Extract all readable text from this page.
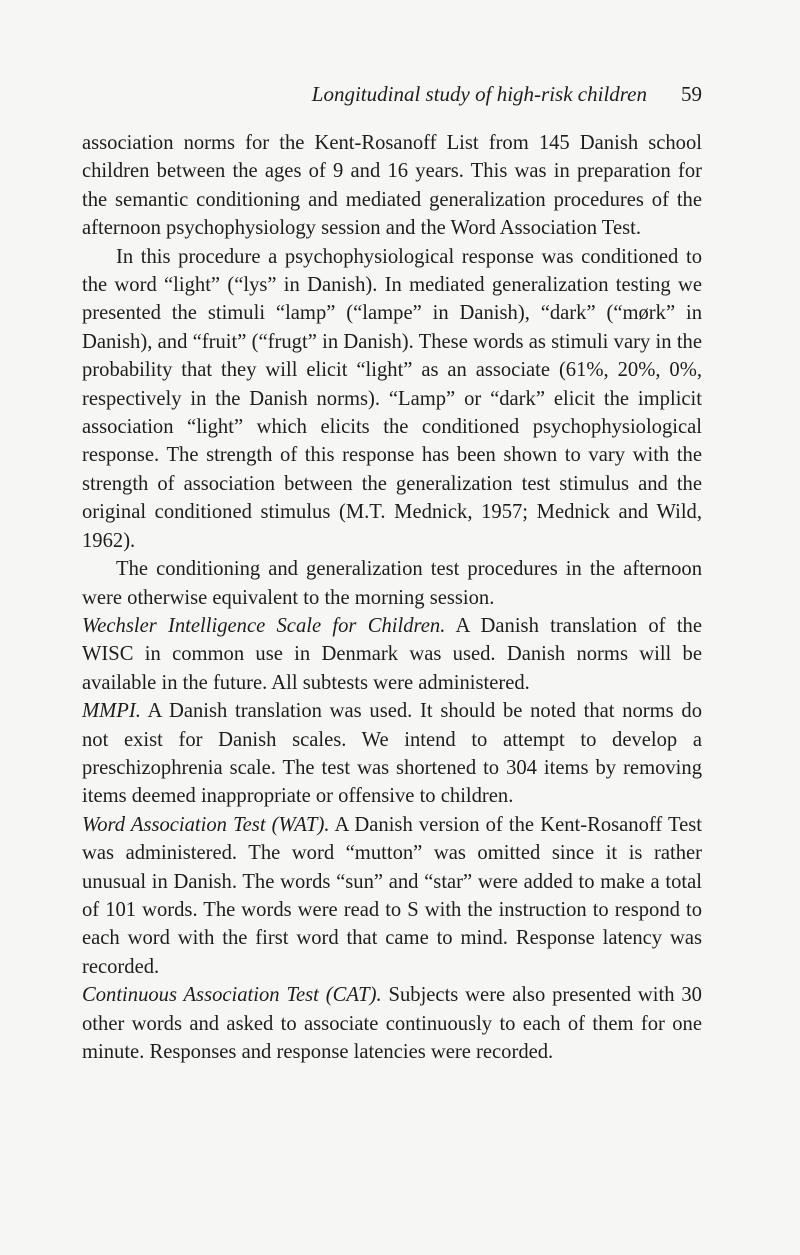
Longitudinal study of high-risk children 59

association norms for the Kent-Rosanoff List from 145 Danish school children between the ages of 9 and 16 years. This was in preparation for the semantic conditioning and mediated generalization procedures of the afternoon psychophysiology session and the Word Association Test.

In this procedure a psychophysiological response was conditioned to the word “light” (“lys” in Danish). In mediated generalization testing we presented the stimuli “lamp” (“lampe” in Danish), “dark” (“mørk” in Danish), and “fruit” (“frugt” in Danish). These words as stimuli vary in the probability that they will elicit “light” as an associate (61%, 20%, 0%, respectively in the Danish norms). “Lamp” or “dark” elicit the implicit association “light” which elicits the conditioned psychophysiological response. The strength of this response has been shown to vary with the strength of association between the generalization test stimulus and the original conditioned stimulus (M.T. Mednick, 1957; Mednick and Wild, 1962).

The conditioning and generalization test procedures in the afternoon were otherwise equivalent to the morning session.

Wechsler Intelligence Scale for Children. A Danish translation of the WISC in common use in Denmark was used. Danish norms will be available in the future. All subtests were administered.

MMPI. A Danish translation was used. It should be noted that norms do not exist for Danish scales. We intend to attempt to develop a preschizophrenia scale. The test was shortened to 304 items by removing items deemed inappropriate or offensive to children.

Word Association Test (WAT). A Danish version of the Kent-Rosanoff Test was administered. The word “mutton” was omitted since it is rather unusual in Danish. The words “sun” and “star” were added to make a total of 101 words. The words were read to S with the instruction to respond to each word with the first word that came to mind. Response latency was recorded.

Continuous Association Test (CAT). Subjects were also presented with 30 other words and asked to associate continuously to each of them for one minute. Responses and response latencies were recorded.
